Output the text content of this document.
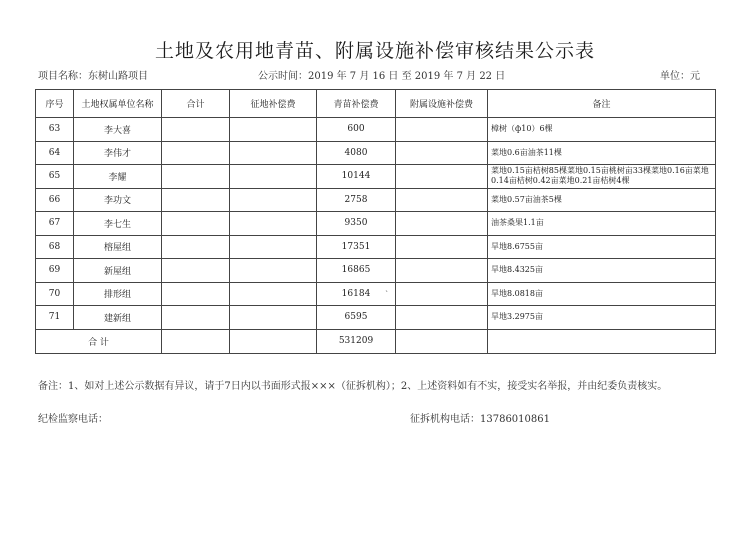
土地及农用地青苗、附属设施补偿审核结果公示表
项目名称：东树山路项目	公示时间：2019 年 7 月 16 日 至 2019 年 7 月 22 日	单位：元
序号	土地权属单位名称	合计	征地补偿费	青苗补偿费	附属设施补偿费	备注
63	李大喜			600		樟树（ф10）6棵
64	李伟才			4080		菜地0.6亩油茶11棵
65	李耀			10144		菜地0.15亩桔树85棵菜地0.15亩桃树亩33棵菜地0.16亩菜地0.14亩桔树0.42亩菜地0.21亩桔树4棵
66	李功文			2758		菜地0.57亩油茶5棵
67	李七生			9350		油茶桑果1.1亩
68	榕屋组			17351		旱地8.6755亩
69	新屋组			16865		旱地8.4325亩
70	排形组			16184		旱地8.0818亩
71	建新组			6595		旱地3.2975亩
合 计				531209		
ˋ
备注：1、如对上述公示数据有异议，请于7日内以书面形式报×××（征拆机构）；2、上述资料如有不实，接受实名举报，并由纪委负责核实。
纪检监察电话：	征拆机构电话：13786010861
